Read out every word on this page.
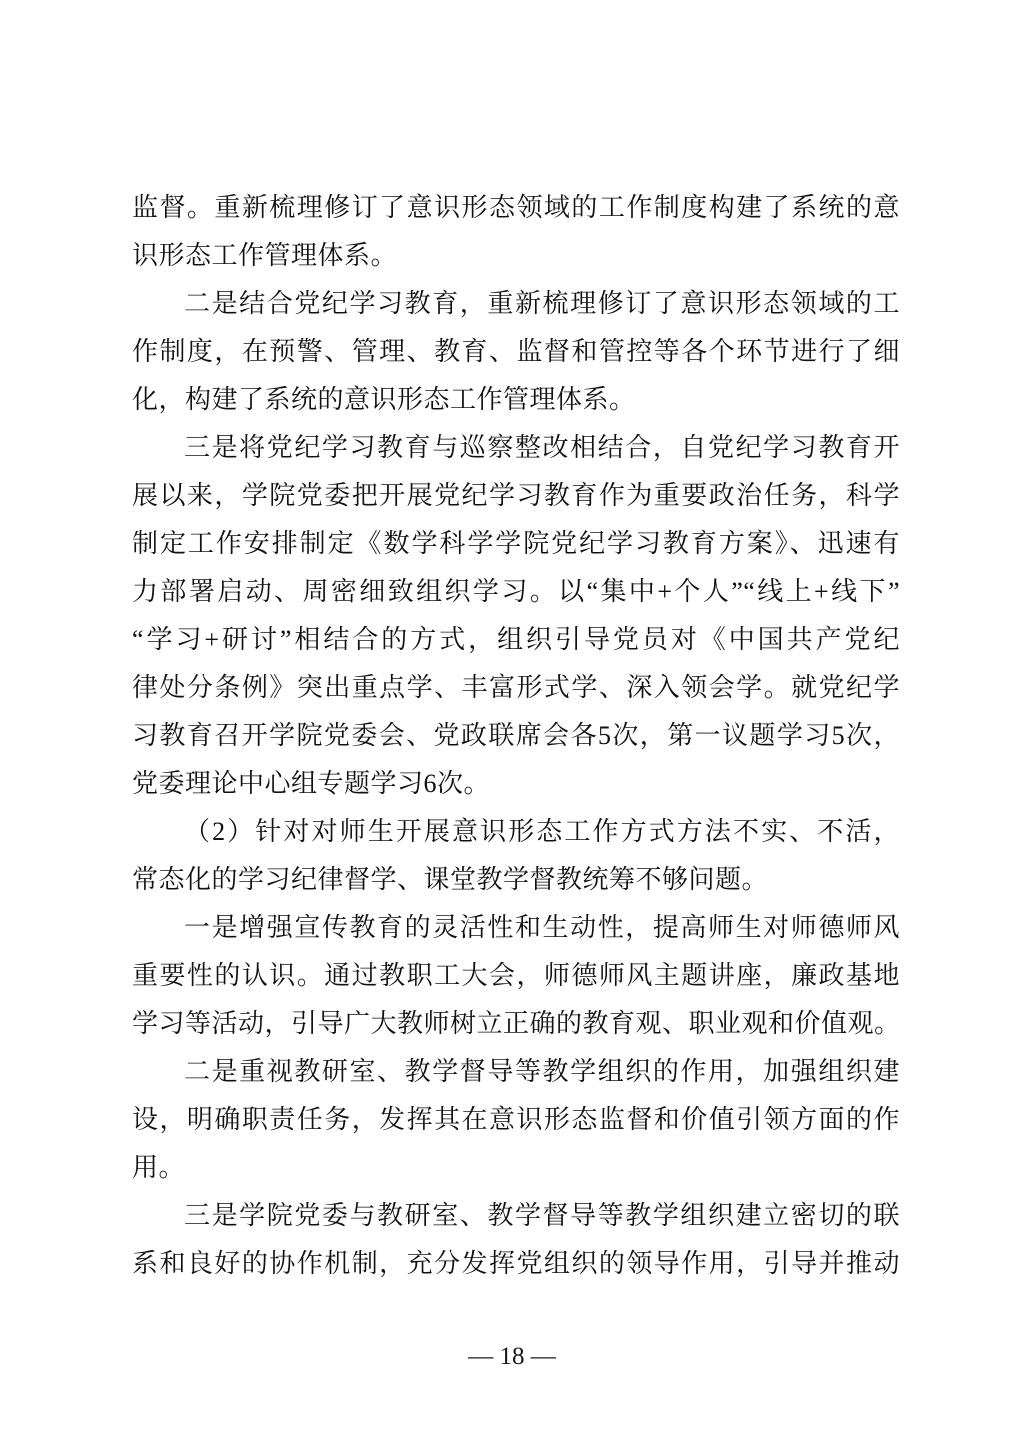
监督。重新梳理修订了意识形态领域的工作制度构建了系统的意
识形态工作管理体系。
二是结合党纪学习教育，重新梳理修订了意识形态领域的工
作制度，在预警、管理、教育、监督和管控等各个环节进行了细
化，构建了系统的意识形态工作管理体系。
三是将党纪学习教育与巡察整改相结合，自党纪学习教育开
展以来，学院党委把开展党纪学习教育作为重要政治任务，科学
制定工作安排制定《数学科学学院党纪学习教育方案》、迅速有
力部署启动、周密细致组织学习。以“集中+个人”“线上+线下”
“学习+研讨”相结合的方式，组织引导党员对《中国共产党纪
律处分条例》突出重点学、丰富形式学、深入领会学。就党纪学
习教育召开学院党委会、党政联席会各5次，第一议题学习5次，
党委理论中心组专题学习6次。
（2）针对对师生开展意识形态工作方式方法不实、不活，
常态化的学习纪律督学、课堂教学督教统筹不够问题。
一是增强宣传教育的灵活性和生动性，提高师生对师德师风
重要性的认识。通过教职工大会，师德师风主题讲座，廉政基地
学习等活动，引导广大教师树立正确的教育观、职业观和价值观。
二是重视教研室、教学督导等教学组织的作用，加强组织建
设，明确职责任务，发挥其在意识形态监督和价值引领方面的作
用。
三是学院党委与教研室、教学督导等教学组织建立密切的联
系和良好的协作机制，充分发挥党组织的领导作用，引导并推动
— 18 —
